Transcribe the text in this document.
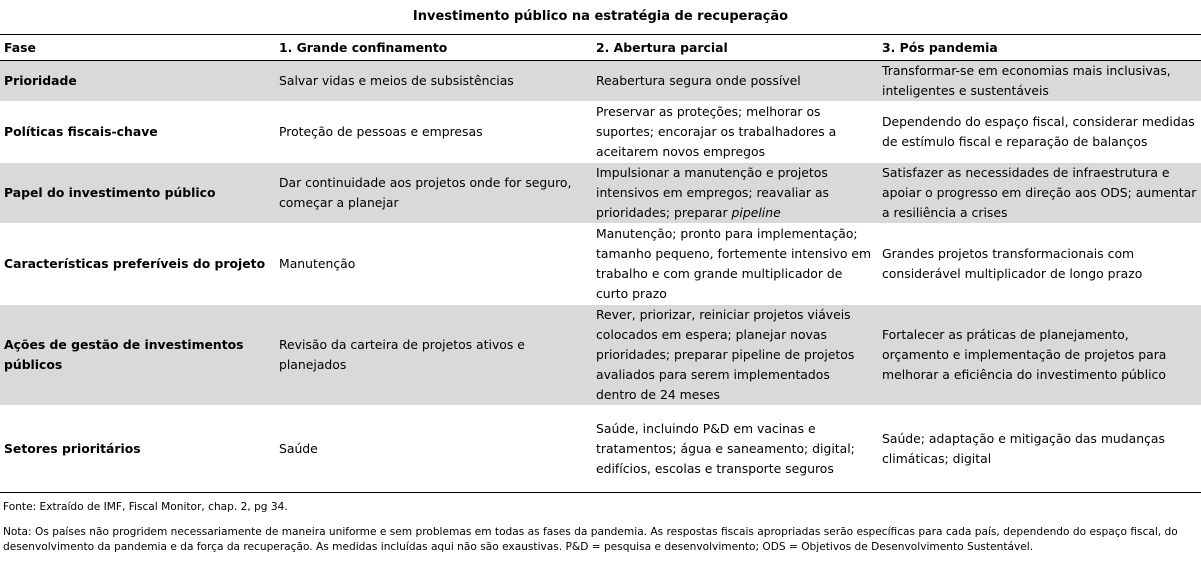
Investimento público na estratégia de recuperação
Fase	1. Grande confinamento	2. Abertura parcial	3. Pós pandemia
Prioridade	Salvar vidas e meios de subsistências	Reabertura segura onde possível	Transformar-se em economias mais inclusivas, inteligentes e sustentáveis
Políticas fiscais-chave	Proteção de pessoas e empresas	Preservar as proteções; melhorar os suportes; encorajar os trabalhadores a aceitarem novos empregos	Dependendo do espaço fiscal, considerar medidas de estímulo fiscal e reparação de balanços
Papel do investimento público	Dar continuidade aos projetos onde for seguro, começar a planejar	Impulsionar a manutenção e projetos intensivos em empregos; reavaliar as prioridades; preparar pipeline	Satisfazer as necessidades de infraestrutura e apoiar o progresso em direção aos ODS; aumentar a resiliência a crises
Características preferíveis do projeto	Manutenção	Manutenção; pronto para implementação; tamanho pequeno, fortemente intensivo em trabalho e com grande multiplicador de curto prazo	Grandes projetos transformacionais com considerável multiplicador de longo prazo
Ações de gestão de investimentos públicos	Revisão da carteira de projetos ativos e planejados	Rever, priorizar, reiniciar projetos viáveis colocados em espera; planejar novas prioridades; preparar pipeline de projetos avaliados para serem implementados dentro de 24 meses	Fortalecer as práticas de planejamento, orçamento e implementação de projetos para melhorar a eficiência do investimento público
Setores prioritários	Saúde	Saúde, incluindo P&D em vacinas e tratamentos; água e saneamento; digital; edifícios, escolas e transporte seguros	Saúde; adaptação e mitigação das mudanças climáticas; digital
Fonte: Extraído de IMF, Fiscal Monitor, chap. 2, pg 34.
Nota: Os países não progridem necessariamente de maneira uniforme e sem problemas em todas as fases da pandemia. As respostas fiscais apropriadas serão específicas para cada país, dependendo do espaço fiscal, do desenvolvimento da pandemia e da força da recuperação. As medidas incluídas aqui não são exaustivas. P&D = pesquisa e desenvolvimento; ODS = Objetivos de Desenvolvimento Sustentável.
